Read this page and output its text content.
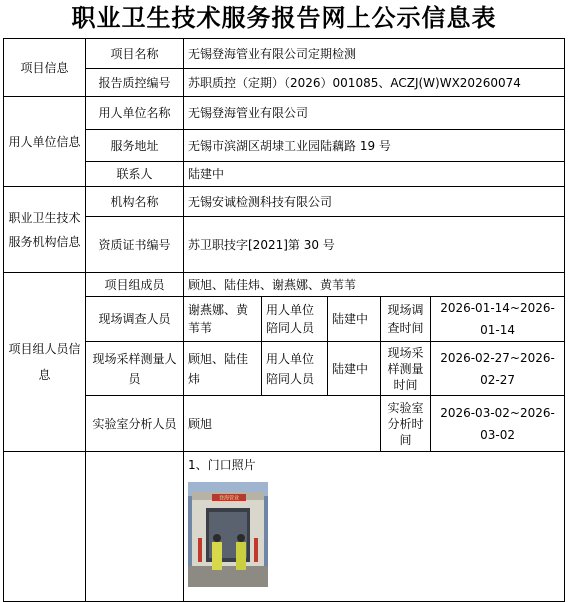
职业卫生技术服务报告网上公示信息表
项目信息	项目名称	无锡登海管业有限公司定期检测				
	报告质控编号	苏职质控（定期）（2026）001085、ACZJ(W)WX20260074				
用人单位信息	用人单位名称	无锡登海管业有限公司				
	服务地址	无锡市滨湖区胡埭工业园陆藕路 19 号				
	联系人	陆建中				
职业卫生技术服务机构信息	机构名称	无锡安诚检测科技有限公司				
	资质证书编号	苏卫职技字[2021]第 30 号				
项目组人员信息	项目组成员	顾旭、陆佳炜、谢燕娜、黄苇苇				
	现场调查人员	谢燕娜、黄苇苇	用人单位陪同人员	陆建中	现场调查时间	2026-01-14~2026-01-14
	现场采样测量人员	顾旭、陆佳炜	用人单位陪同人员	陆建中	现场采样测量时间	2026-02-27~2026-02-27
	实验室分析人员	顾旭			实验室分析时间	2026-03-02~2026-03-02

		1、门口照片
登海管业				
